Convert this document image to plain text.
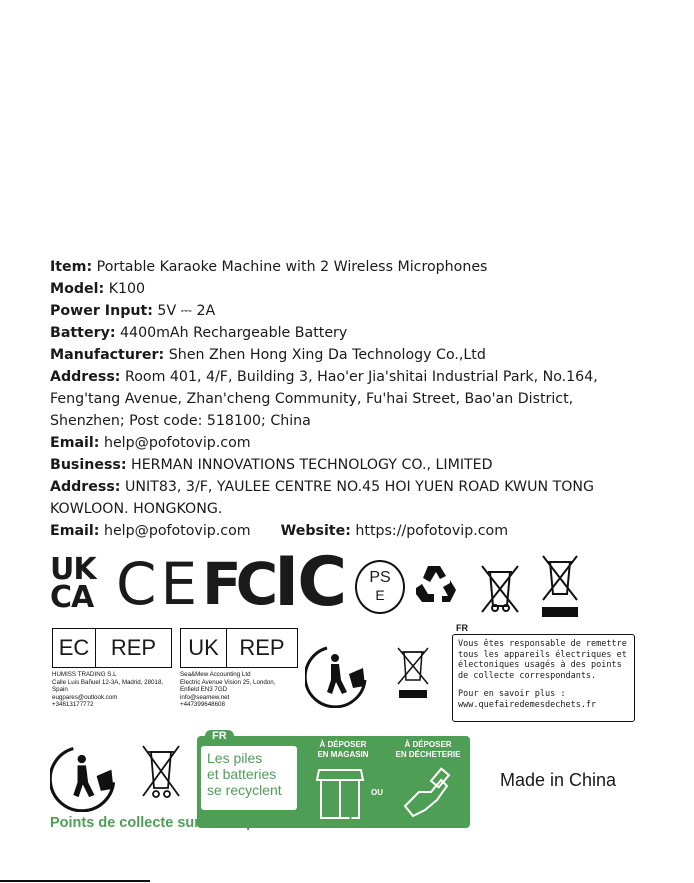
Item: Portable Karaoke Machine with 2 Wireless Microphones
Model: K100
Power Input: 5V ⎓ 2A
Battery: 4400mAh Rechargeable Battery
Manufacturer: Shen Zhen Hong Xing Da Technology Co.,Ltd
Address: Room 401, 4/F, Building 3, Hao'er Jia'shitai Industrial Park, No.164, Feng'tang Avenue, Zhan'cheng Community, Fu'hai Street, Bao'an District, Shenzhen; Post code: 518100; China
Email: help@pofotovip.com
Business: HERMAN INNOVATIONS TECHNOLOGY CO., LIMITED
Address: UNIT83, 3/F, YAULEE CENTRE NO.45 HOI YUEN ROAD KWUN TONG KOWLOON. HONGKONG.
Email: help@pofotovip.com Website: https://pofotovip.com
UK
CA CE FC IC	PS
E
EC REP
HUMISS TRADING S.L
Calle Luis Bañuel 12-3A, Madrid, 28018,
Spain
eugpares@outlook.com
+34613177772
UK REP
Sea&Mew Accounting Ltd
Electric Avenue Vision 25, London,
Enfield EN3 7GD
info@seamew.net
+447399648608
FR
Vous êtes responsable de remettre tous les appareils électriques et électoniques usagés à des points de collecte correspondants.
Pour en savoir plus :
www.quefairedemesdechets.fr
FR
Les piles
et batteries
se recyclent
À DÉPOSER
EN MAGASIN
OU
À DÉPOSER
EN DÉCHETERIE
Points de collecte sur www.quefairedemesdechets.fr
Made in China
